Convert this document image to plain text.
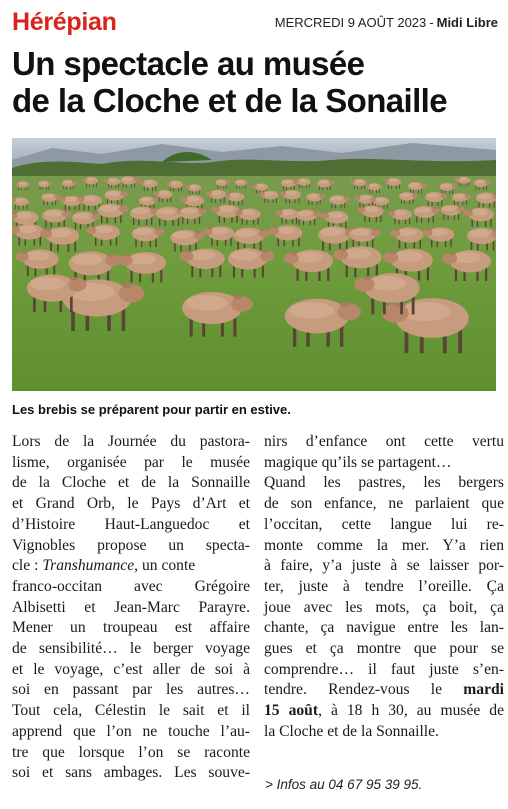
Hérépian	MERCREDI 9 AOÛT 2023 - Midi Libre
Un spectacle au musée
de la Cloche et de la Sonaille
Les brebis se préparent pour partir en estive.
Lors de la Journée du pastora-
lisme, organisée par le musée
de la Cloche et de la Sonnaille
et Grand Orb, le Pays d’Art et
d’Histoire Haut-Languedoc et
Vignobles propose un specta-
cle : Transhumance, un conte
franco-occitan avec Grégoire
Albisetti et Jean-Marc Parayre.
Mener un troupeau est affaire
de sensibilité… le berger voyage
et le voyage, c’est aller de soi à
soi en passant par les autres…
Tout cela, Célestin le sait et il
apprend que l’on ne touche l’au-
tre que lorsque l’on se raconte
soi et sans ambages. Les souve-
nirs d’enfance ont cette vertu
magique qu’ils se partagent…
Quand les pastres, les bergers
de son enfance, ne parlaient que
l’occitan, cette langue lui re-
monte comme la mer. Y’a rien
à faire, y’a juste à se laisser por-
ter, juste à tendre l’oreille. Ça
joue avec les mots, ça boit, ça
chante, ça navigue entre les lan-
gues et ça montre que pour se
comprendre… il faut juste s’en-
tendre. Rendez-vous le mardi
15 août, à 18 h 30, au musée de
la Cloche et de la Sonnaille.
> Infos au 04 67 95 39 95.
